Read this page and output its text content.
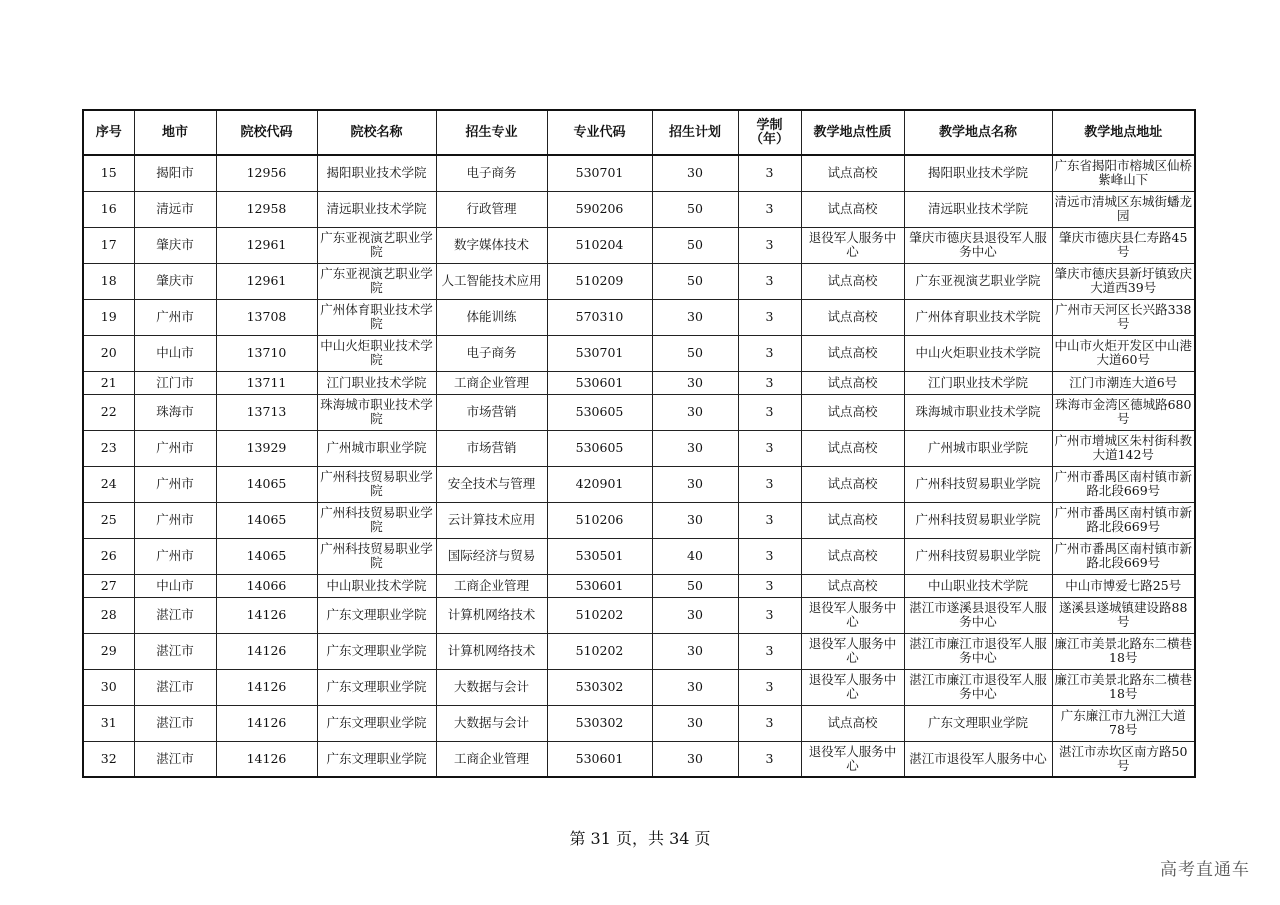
序号	地市	院校代码	院校名称	招生专业	专业代码	招生计划	学制（年）	教学地点性质	教学地点名称	教学地点地址
15	揭阳市	12956	揭阳职业技术学院	电子商务	530701	30	3	试点高校	揭阳职业技术学院	广东省揭阳市榕城区仙桥紫峰山下
16	清远市	12958	清远职业技术学院	行政管理	590206	50	3	试点高校	清远职业技术学院	清远市清城区东城街蟠龙园
17	肇庆市	12961	广东亚视演艺职业学院	数字媒体技术	510204	50	3	退役军人服务中心	肇庆市德庆县退役军人服务中心	肇庆市德庆县仁寿路45号
18	肇庆市	12961	广东亚视演艺职业学院	人工智能技术应用	510209	50	3	试点高校	广东亚视演艺职业学院	肇庆市德庆县新圩镇致庆大道西39号
19	广州市	13708	广州体育职业技术学院	体能训练	570310	30	3	试点高校	广州体育职业技术学院	广州市天河区长兴路338号
20	中山市	13710	中山火炬职业技术学院	电子商务	530701	50	3	试点高校	中山火炬职业技术学院	中山市火炬开发区中山港大道60号
21	江门市	13711	江门职业技术学院	工商企业管理	530601	30	3	试点高校	江门职业技术学院	江门市潮连大道6号
22	珠海市	13713	珠海城市职业技术学院	市场营销	530605	30	3	试点高校	珠海城市职业技术学院	珠海市金湾区德城路680号
23	广州市	13929	广州城市职业学院	市场营销	530605	30	3	试点高校	广州城市职业学院	广州市增城区朱村街科教大道142号
24	广州市	14065	广州科技贸易职业学院	安全技术与管理	420901	30	3	试点高校	广州科技贸易职业学院	广州市番禺区南村镇市新路北段669号
25	广州市	14065	广州科技贸易职业学院	云计算技术应用	510206	30	3	试点高校	广州科技贸易职业学院	广州市番禺区南村镇市新路北段669号
26	广州市	14065	广州科技贸易职业学院	国际经济与贸易	530501	40	3	试点高校	广州科技贸易职业学院	广州市番禺区南村镇市新路北段669号
27	中山市	14066	中山职业技术学院	工商企业管理	530601	50	3	试点高校	中山职业技术学院	中山市博爱七路25号
28	湛江市	14126	广东文理职业学院	计算机网络技术	510202	30	3	退役军人服务中心	湛江市遂溪县退役军人服务中心	遂溪县遂城镇建设路88号
29	湛江市	14126	广东文理职业学院	计算机网络技术	510202	30	3	退役军人服务中心	湛江市廉江市退役军人服务中心	廉江市美景北路东二横巷18号
30	湛江市	14126	广东文理职业学院	大数据与会计	530302	30	3	退役军人服务中心	湛江市廉江市退役军人服务中心	廉江市美景北路东二横巷18号
31	湛江市	14126	广东文理职业学院	大数据与会计	530302	30	3	试点高校	广东文理职业学院	广东廉江市九洲江大道78号
32	湛江市	14126	广东文理职业学院	工商企业管理	530601	30	3	退役军人服务中心	湛江市退役军人服务中心	湛江市赤坎区南方路50号
第 31 页，共 34 页
高考直通车
